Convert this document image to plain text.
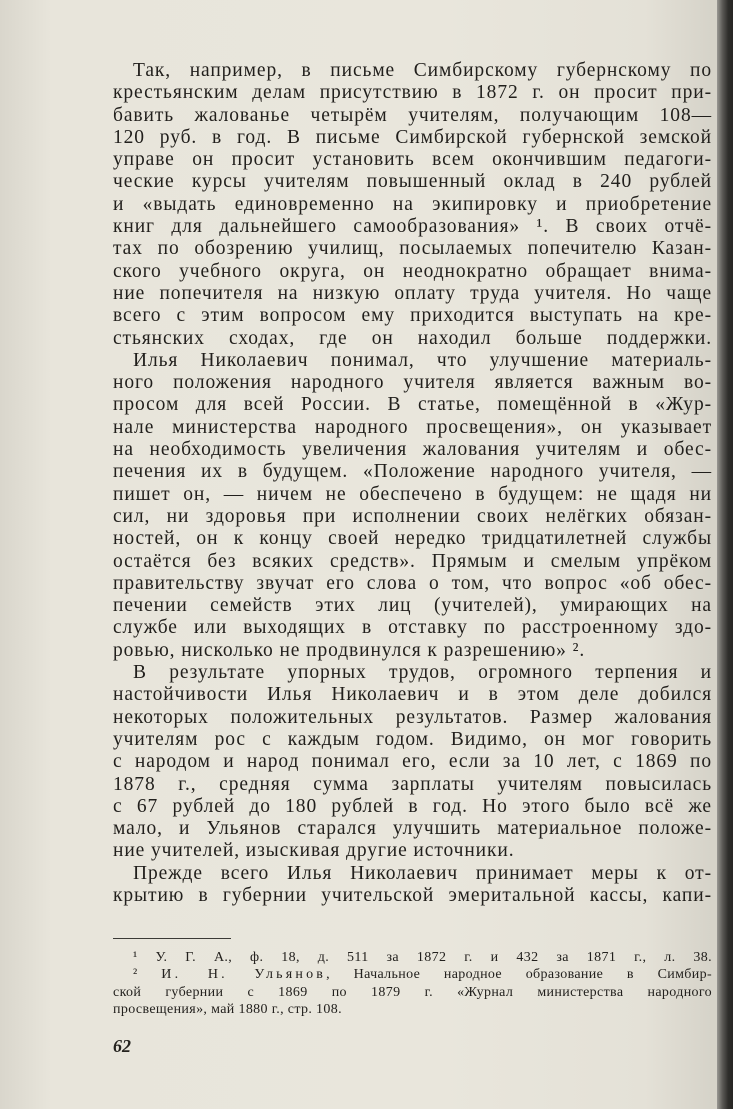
Так, например, в письме Симбирскому губернскому по
крестьянским делам присутствию в 1872 г. он просит при-
бавить жалованье четырём учителям, получающим 108—
120 руб. в год. В письме Симбирской губернской земской
управе он просит установить всем окончившим педагоги-
ческие курсы учителям повышенный оклад в 240 рублей
и «выдать единовременно на экипировку и приобретение
книг для дальнейшего самообразования» ¹. В своих отчё-
тах по обозрению училищ, посылаемых попечителю Казан-
ского учебного округа, он неоднократно обращает внима-
ние попечителя на низкую оплату труда учителя. Но чаще
всего с этим вопросом ему приходится выступать на кре-
стьянских сходах, где он находил больше поддержки.
Илья Николаевич понимал, что улучшение материаль-
ного положения народного учителя является важным во-
просом для всей России. В статье, помещённой в «Жур-
нале министерства народного просвещения», он указывает
на необходимость увеличения жалования учителям и обес-
печения их в будущем. «Положение народного учителя, —
пишет он, — ничем не обеспечено в будущем: не щадя ни
сил, ни здоровья при исполнении своих нелёгких обязан-
ностей, он к концу своей нередко тридцатилетней службы
остаётся без всяких средств». Прямым и смелым упрёком
правительству звучат его слова о том, что вопрос «об обес-
печении семейств этих лиц (учителей), умирающих на
службе или выходящих в отставку по расстроенному здо-
ровью, нисколько не продвинулся к разрешению» ².
В результате упорных трудов, огромного терпения и
настойчивости Илья Николаевич и в этом деле добился
некоторых положительных результатов. Размер жалования
учителям рос с каждым годом. Видимо, он мог говорить
с народом и народ понимал его, если за 10 лет, с 1869 по
1878 г., средняя сумма зарплаты учителям повысилась
с 67 рублей до 180 рублей в год. Но этого было всё же
мало, и Ульянов старался улучшить материальное положе-
ние учителей, изыскивая другие источники.
Прежде всего Илья Николаевич принимает меры к от-
крытию в губернии учительской эмеритальной кассы, капи-
¹ У. Г. А., ф. 18, д. 511 за 1872 г. и 432 за 1871 г., л. 38.
² И. Н. Ульянов, Начальное народное образование в Симбир-
ской губернии с 1869 по 1879 г. «Журнал министерства народного
просвещения», май 1880 г., стр. 108.
62
